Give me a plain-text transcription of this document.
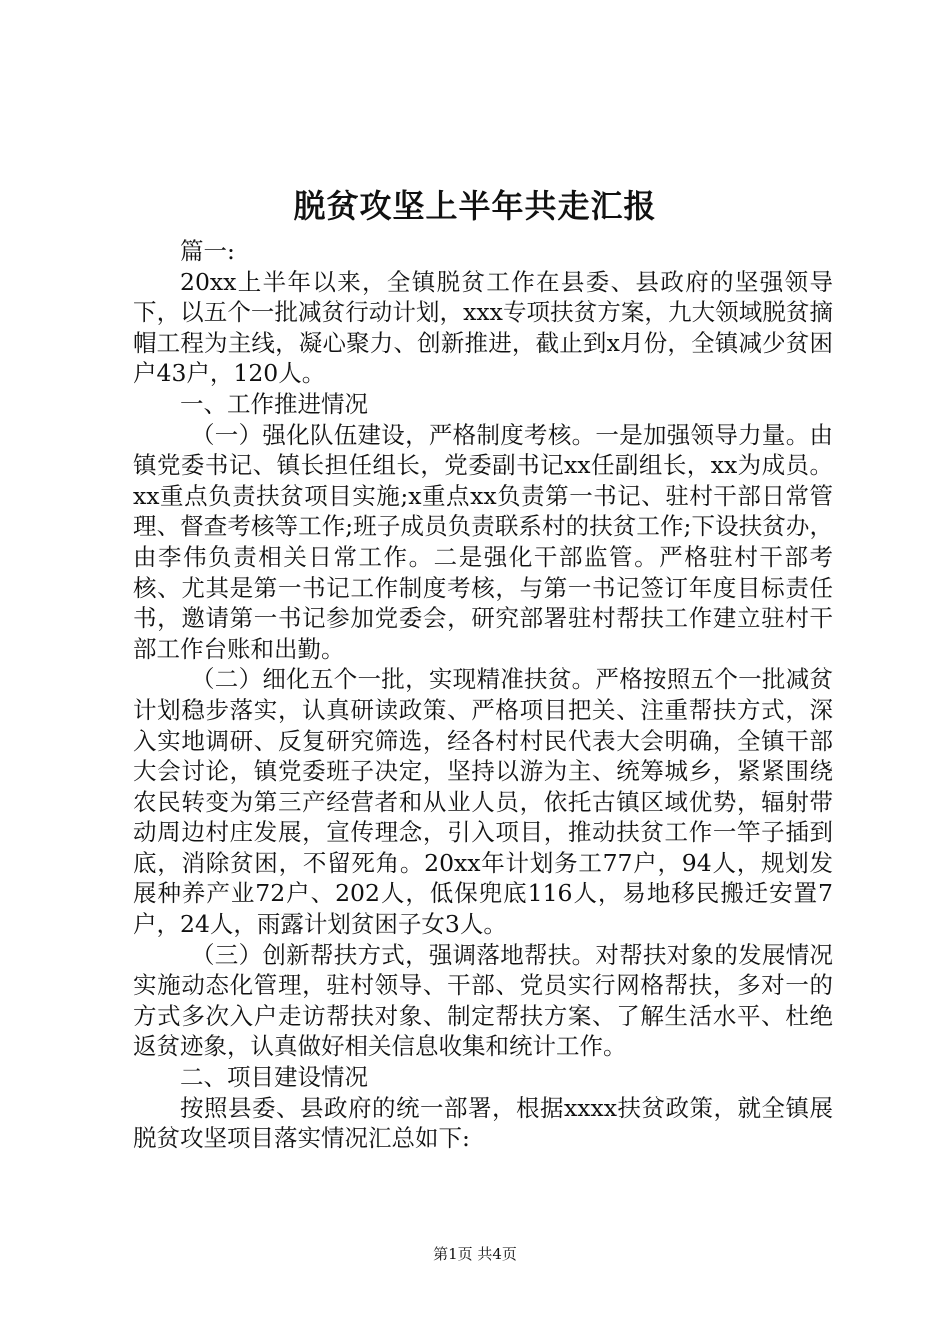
脱贫攻坚上半年共走汇报

篇一:

20xx上半年以来，全镇脱贫工作在县委、县政府的坚强领导下，以五个一批减贫行动计划，xxx专项扶贫方案，九大领域脱贫摘帽工程为主线，凝心聚力、创新推进，截止到x月份，全镇减少贫困户43户，120人。

一、工作推进情况

（一）强化队伍建设，严格制度考核。一是加强领导力量。由镇党委书记、镇长担任组长，党委副书记xx任副组长，xx为成员。xx重点负责扶贫项目实施;x重点xx负责第一书记、驻村干部日常管理、督查考核等工作;班子成员负责联系村的扶贫工作;下设扶贫办，由李伟负责相关日常工作。二是强化干部监管。严格驻村干部考核、尤其是第一书记工作制度考核，与第一书记签订年度目标责任书，邀请第一书记参加党委会，研究部署驻村帮扶工作建立驻村干部工作台账和出勤。

（二）细化五个一批，实现精准扶贫。严格按照五个一批减贫计划稳步落实，认真研读政策、严格项目把关、注重帮扶方式，深入实地调研、反复研究筛选，经各村村民代表大会明确，全镇干部大会讨论，镇党委班子决定，坚持以游为主、统筹城乡，紧紧围绕农民转变为第三产经营者和从业人员，依托古镇区域优势，辐射带动周边村庄发展，宣传理念，引入项目，推动扶贫工作一竿子插到底，消除贫困，不留死角。20xx年计划务工77户，94人，规划发展种养产业72户、202人，低保兜底116人，易地移民搬迁安置7户，24人，雨露计划贫困子女3人。

（三）创新帮扶方式，强调落地帮扶。对帮扶对象的发展情况实施动态化管理，驻村领导、干部、党员实行网格帮扶，多对一的方式多次入户走访帮扶对象、制定帮扶方案、了解生活水平、杜绝返贫迹象，认真做好相关信息收集和统计工作。

二、项目建设情况

按照县委、县政府的统一部署，根据xxxx扶贫政策，就全镇展脱贫攻坚项目落实情况汇总如下:

第1页 共4页
